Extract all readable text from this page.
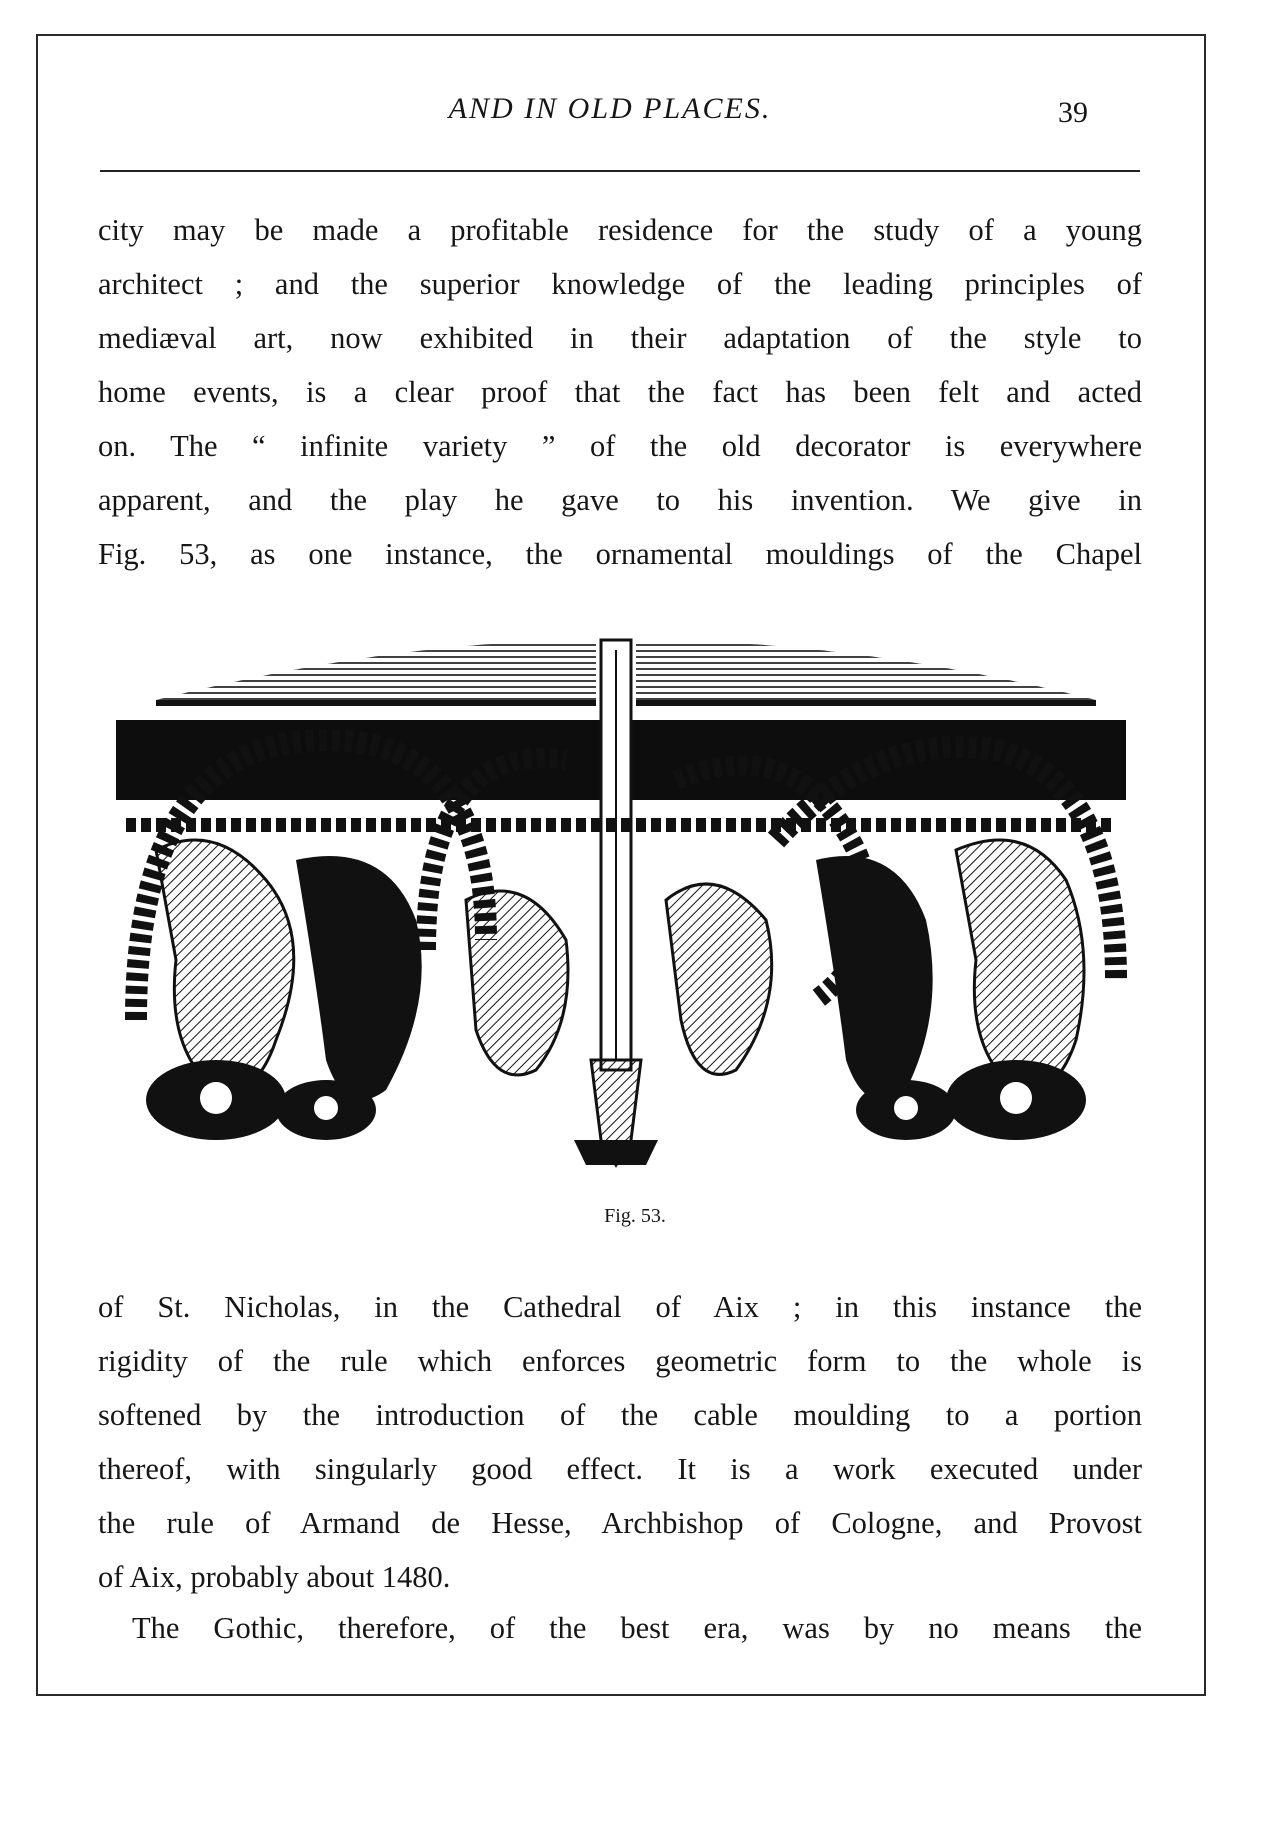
AND IN OLD PLACES.	39

city may be made a profitable residence for the study of a young
architect ; and the superior knowledge of the leading principles of
mediæval art, now exhibited in their adaptation of the style to
home events, is a clear proof that the fact has been felt and acted
on. The “ infinite variety ” of the old decorator is everywhere
apparent, and the play he gave to his invention. We give in
Fig. 53, as one instance, the ornamental mouldings of the Chapel

Fig. 53.

of St. Nicholas, in the Cathedral of Aix ; in this instance the
rigidity of the rule which enforces geometric form to the whole is
softened by the introduction of the cable moulding to a portion
thereof, with singularly good effect. It is a work executed under
the rule of Armand de Hesse, Archbishop of Cologne, and Provost
of Aix, probably about 1480.

The Gothic, therefore, of the best era, was by no means the
